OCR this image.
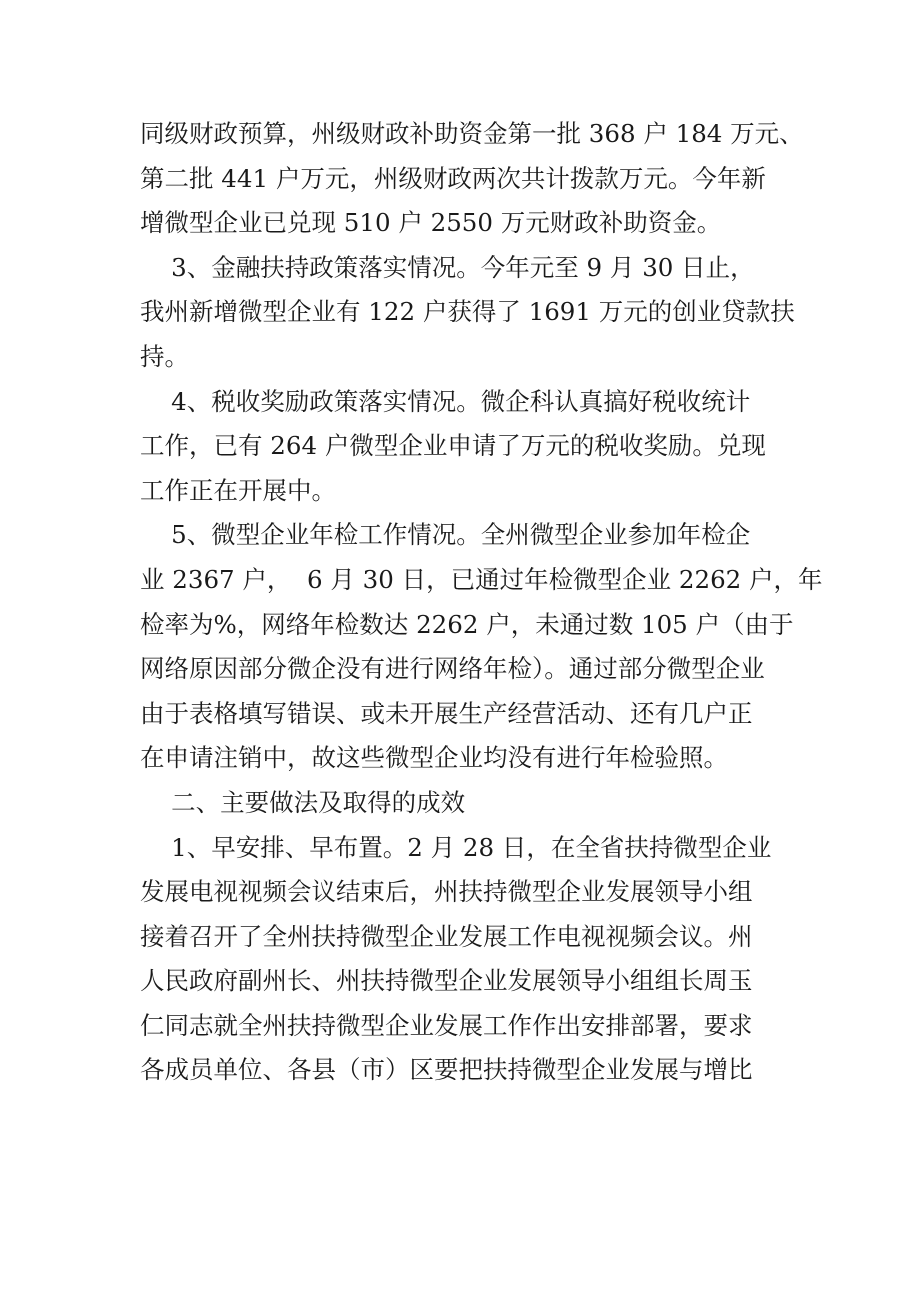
同级财政预算，州级财政补助资金第一批 368 户 184 万元、
第二批 441 户万元，州级财政两次共计拨款万元。今年新
增微型企业已兑现 510 户 2550 万元财政补助资金。
3、金融扶持政策落实情况。今年元至 9 月 30 日止，
我州新增微型企业有 122 户获得了 1691 万元的创业贷款扶
持。
4、税收奖励政策落实情况。微企科认真搞好税收统计
工作，已有 264 户微型企业申请了万元的税收奖励。兑现
工作正在开展中。
5、微型企业年检工作情况。全州微型企业参加年检企
业 2367 户，  6 月 30 日，已通过年检微型企业 2262 户，年
检率为%，网络年检数达 2262 户，未通过数 105 户（由于
网络原因部分微企没有进行网络年检）。通过部分微型企业
由于表格填写错误、或未开展生产经营活动、还有几户正
在申请注销中，故这些微型企业均没有进行年检验照。
二、主要做法及取得的成效
1、早安排、早布置。2 月 28 日，在全省扶持微型企业
发展电视视频会议结束后，州扶持微型企业发展领导小组
接着召开了全州扶持微型企业发展工作电视视频会议。州
人民政府副州长、州扶持微型企业发展领导小组组长周玉
仁同志就全州扶持微型企业发展工作作出安排部署，要求
各成员单位、各县（市）区要把扶持微型企业发展与增比
